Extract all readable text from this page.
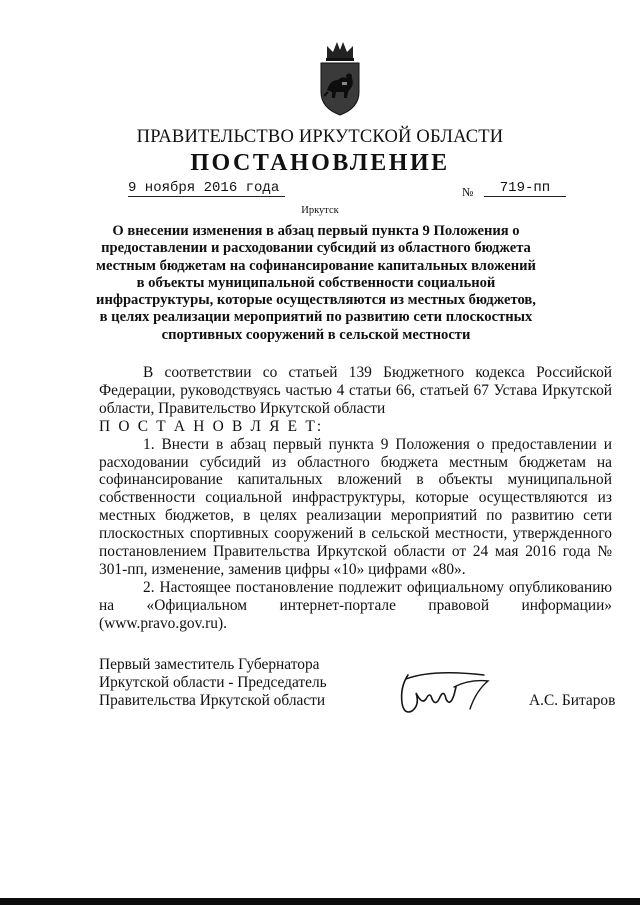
ПРАВИТЕЛЬСТВО ИРКУТСКОЙ ОБЛАСТИ
ПОСТАНОВЛЕНИЕ
9 ноября 2016 года	№	719-пп
Иркутск
О внесении изменения в абзац первый пункта 9 Положения о предоставлении и расходовании субсидий из областного бюджета местным бюджетам на софинансирование капитальных вложений в объекты муниципальной собственности социальной инфраструктуры, которые осуществляются из местных бюджетов, в целях реализации мероприятий по развитию сети плоскостных спортивных сооружений в сельской местности

В соответствии со статьей 139 Бюджетного кодекса Российской Федерации, руководствуясь частью 4 статьи 66, статьей 67 Устава Иркутской области, Правительство Иркутской области

П О С Т А Н О В Л Я Е Т:

1. Внести в абзац первый пункта 9 Положения о предоставлении и расходовании субсидий из областного бюджета местным бюджетам на софинансирование капитальных вложений в объекты муниципальной собственности социальной инфраструктуры, которые осуществляются из местных бюджетов, в целях реализации мероприятий по развитию сети плоскостных спортивных сооружений в сельской местности, утвержденного постановлением Правительства Иркутской области от 24 мая 2016 года № 301-пп, изменение, заменив цифры «10» цифрами «80».

2. Настоящее постановление подлежит официальному опубликованию на «Официальном интернет-портале правовой информации» (www.pravo.gov.ru).

Первый заместитель Губернатора
Иркутской области - Председатель
Правительства Иркутской области	А.С. Битаров
